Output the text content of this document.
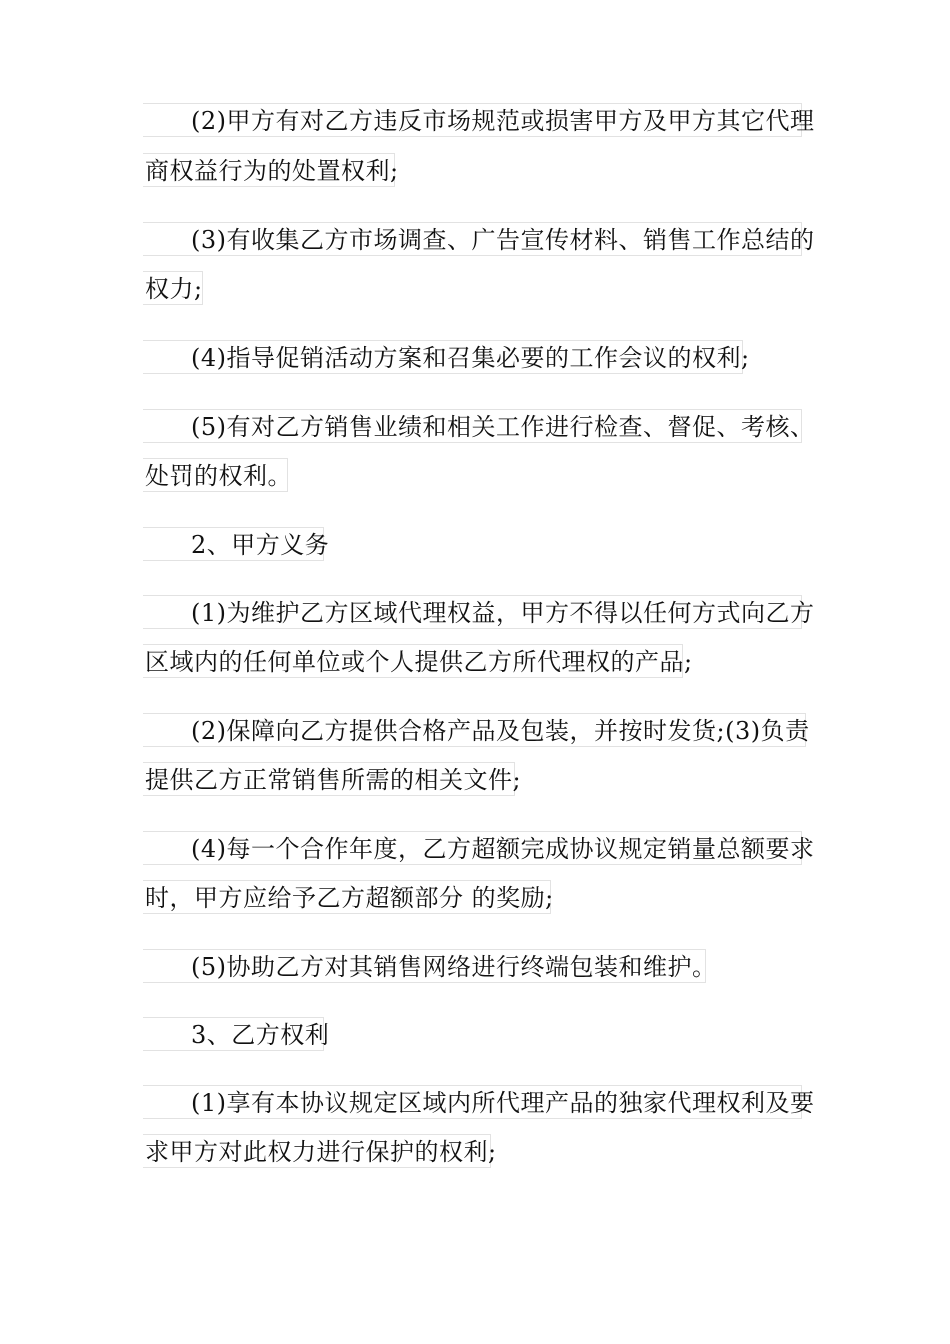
(2)甲方有对乙方违反市场规范或损害甲方及甲方其它代理
商权益行为的处置权利;
(3)有收集乙方市场调查、广告宣传材料、销售工作总结的
权力;
(4)指导促销活动方案和召集必要的工作会议的权利;
(5)有对乙方销售业绩和相关工作进行检查、督促、考核、
处罚的权利。
2、甲方义务
(1)为维护乙方区域代理权益，甲方不得以任何方式向乙方
区域内的任何单位或个人提供乙方所代理权的产品;
(2)保障向乙方提供合格产品及包装，并按时发货;(3)负责
提供乙方正常销售所需的相关文件;
(4)每一个合作年度，乙方超额完成协议规定销量总额要求
时，甲方应给予乙方超额部分 的奖励;
(5)协助乙方对其销售网络进行终端包装和维护。
3、乙方权利
(1)享有本协议规定区域内所代理产品的独家代理权利及要
求甲方对此权力进行保护的权利;
